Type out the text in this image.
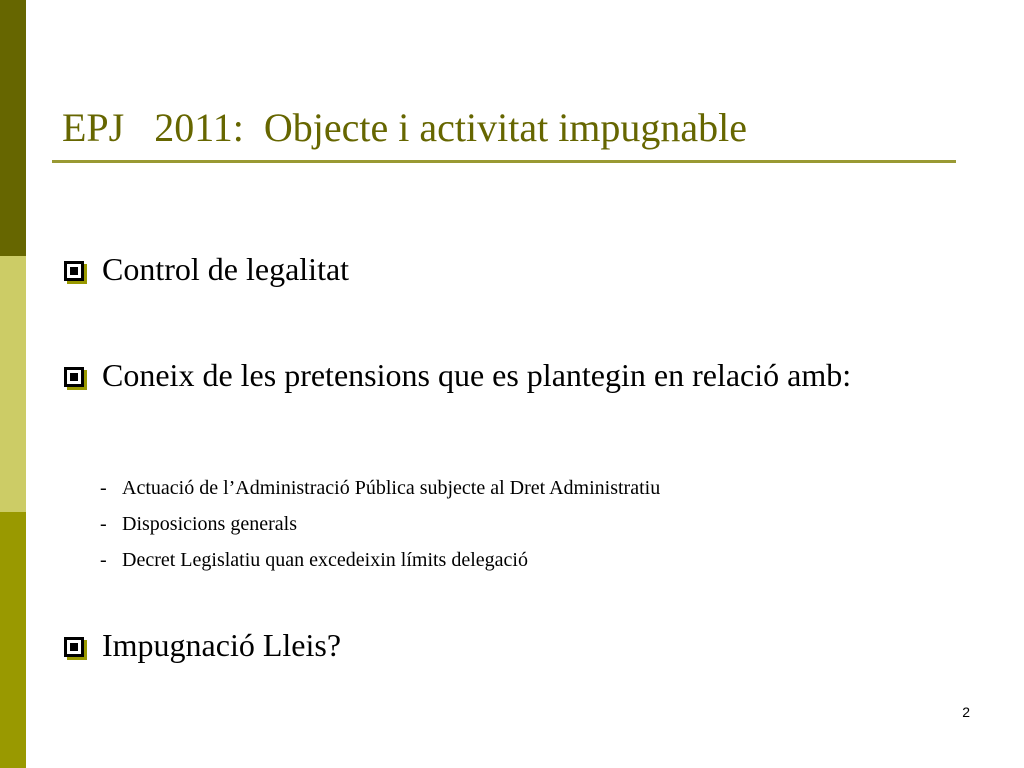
EPJ   2011:  Objecte i activitat impugnable
Control de legalitat
Coneix de les pretensions que es plantegin en relació amb:
- Actuació de l’Administració Pública subjecte al Dret Administratiu
- Disposicions generals
- Decret Legislatiu quan excedeixin límits delegació
Impugnació Lleis?
2
